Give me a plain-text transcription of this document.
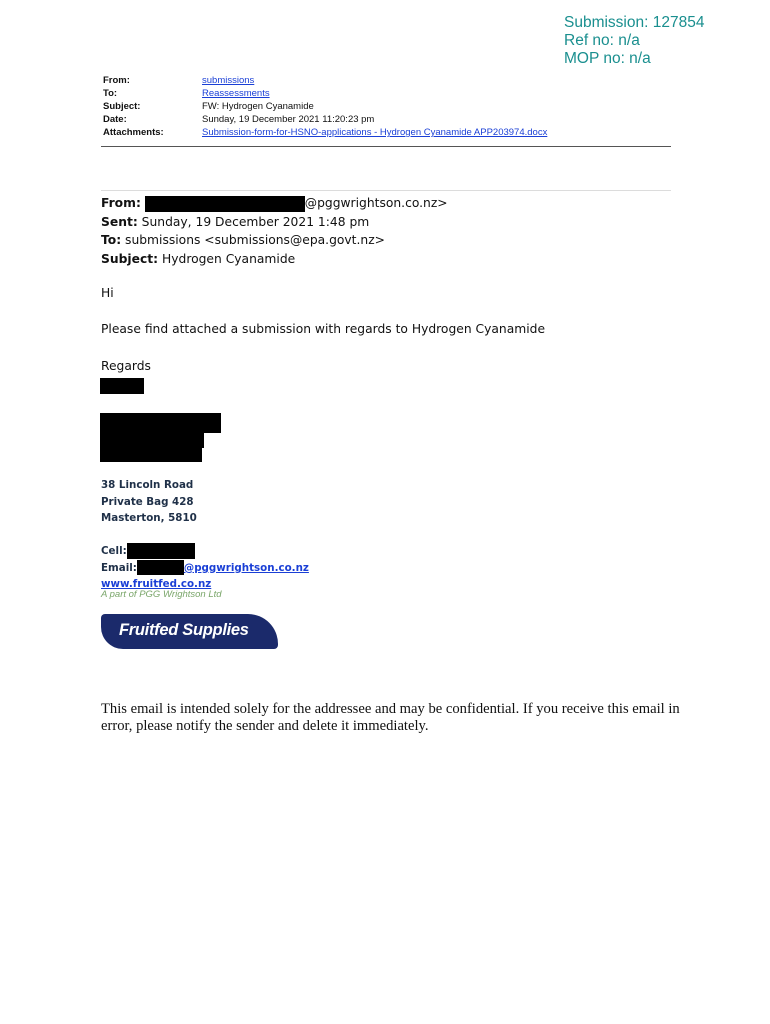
Submission: 127854
Ref no: n/a
MOP no: n/a
From:	submissions
To:	Reassessments
Subject:	FW: Hydrogen Cyanamide
Date:	Sunday, 19 December 2021 11:20:23 pm
Attachments:	Submission-form-for-HSNO-applications - Hydrogen Cyanamide APP203974.docx
From:	@pggwrightson.co.nz>
Sent: Sunday, 19 December 2021 1:48 pm
To: submissions <submissions@epa.govt.nz>
Subject: Hydrogen Cyanamide
Hi
Please find attached a submission with regards to Hydrogen Cyanamide
Regards
38 Lincoln Road
Private Bag 428
Masterton, 5810
Cell:
Email:	@pggwrightson.co.nz
www.fruitfed.co.nz
A part of PGG Wrightson Ltd
Fruitfed Supplies
This email is intended solely for the addressee and may be confidential. If you receive this email in error, please notify the sender and delete it immediately.
